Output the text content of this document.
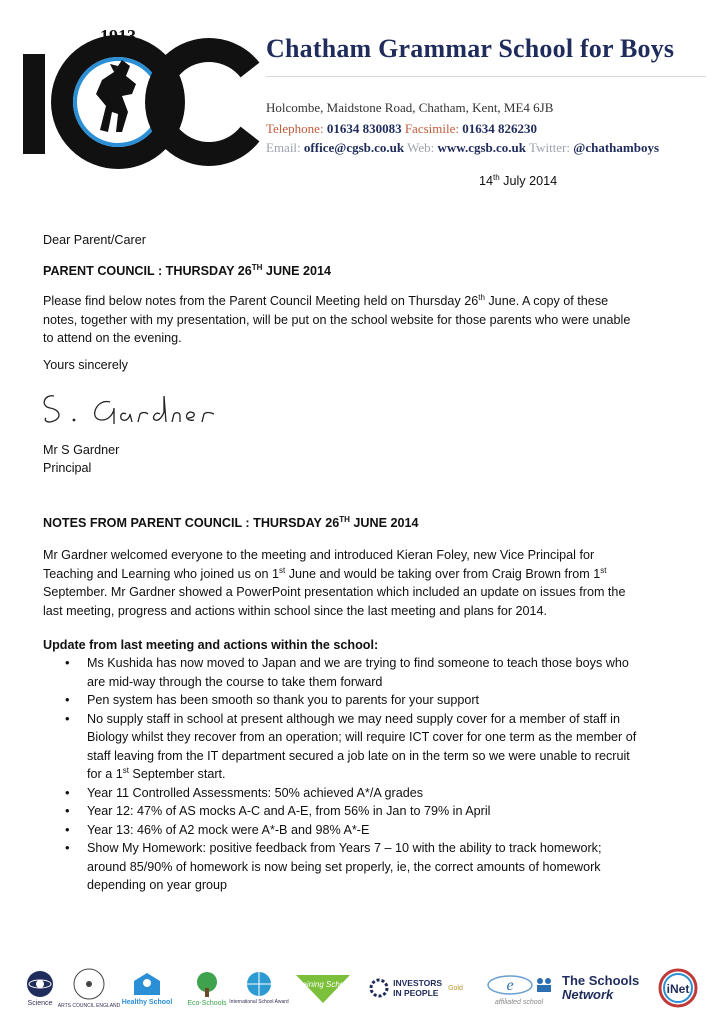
1913
2013
Chatham Grammar School for Boys
Holcombe, Maidstone Road, Chatham, Kent, ME4 6JB
Telephone: 01634 830083 Facsimile: 01634 826230
Email: office@cgsb.co.uk Web: www.cgsb.co.uk Twitter: @chathamboys
14th July 2014
Dear Parent/Carer
PARENT COUNCIL : THURSDAY 26TH JUNE 2014
Please find below notes from the Parent Council Meeting held on Thursday 26th June. A copy of these
notes, together with my presentation, will be put on the school website for those parents who were unable
to attend on the evening.
Yours sincerely
Mr S Gardner
Principal
NOTES FROM PARENT COUNCIL : THURSDAY 26TH JUNE 2014
Mr Gardner welcomed everyone to the meeting and introduced Kieran Foley, new Vice Principal for
Teaching and Learning who joined us on 1st June and would be taking over from Craig Brown from 1st
September. Mr Gardner showed a PowerPoint presentation which included an update on issues from the
last meeting, progress and actions within school since the last meeting and plans for 2014.
Update from last meeting and actions within the school:
• Ms Kushida has now moved to Japan and we are trying to find someone to teach those boys who
are mid-way through the course to take them forward
• Pen system has been smooth so thank you to parents for your support
• No supply staff in school at present although we may need supply cover for a member of staff in
Biology whilst they recover from an operation; will require ICT cover for one term as the member of
staff leaving from the IT department secured a job late on in the term so we were unable to recruit
for a 1st September start.
• Year 11 Controlled Assessments: 50% achieved A*/A grades
• Year 12: 47% of AS mocks A-C and A-E, from 56% in Jan to 79% in April
• Year 13: 46% of A2 mock were A*-B and 98% A*-E
• Show My Homework: positive feedback from Years 7 – 10 with the ability to track homework;
around 85/90% of homework is now being set properly, ie, the correct amounts of homework
depending on year group
Science ARTS COUNCIL ENGLAND
Healthy School Eco-Schools International School Award
Training School	INVESTORS
IN PEOPLE	Gold	e
affiliated school
The Schools
Network	iNet
